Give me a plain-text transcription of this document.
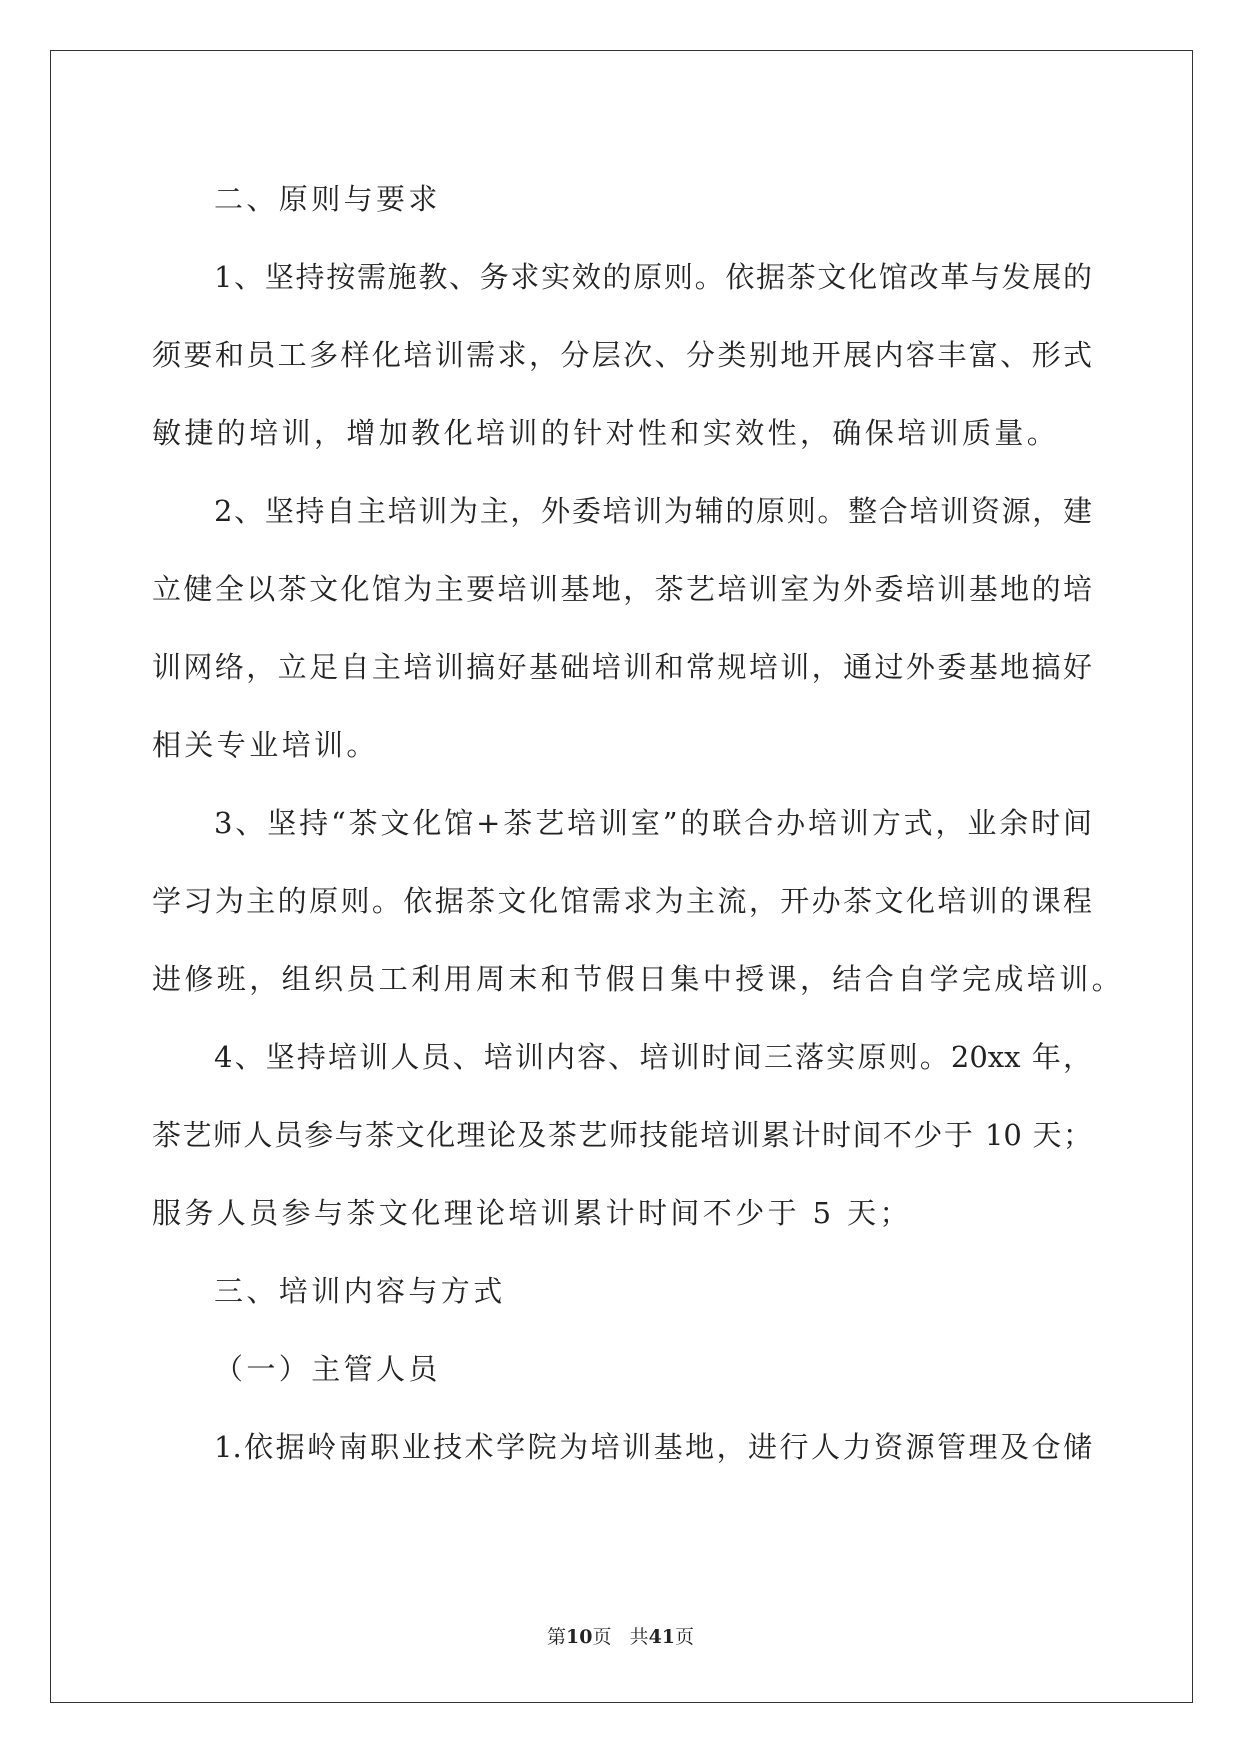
二、原则与要求
1、坚持按需施教、务求实效的原则。依据茶文化馆改革与发展的
须要和员工多样化培训需求，分层次、分类别地开展内容丰富、形式
敏捷的培训，增加教化培训的针对性和实效性，确保培训质量。
2、坚持自主培训为主，外委培训为辅的原则。整合培训资源，建
立健全以茶文化馆为主要培训基地，茶艺培训室为外委培训基地的培
训网络，立足自主培训搞好基础培训和常规培训，通过外委基地搞好
相关专业培训。
3、坚持“茶文化馆+茶艺培训室”的联合办培训方式，业余时间
学习为主的原则。依据茶文化馆需求为主流，开办茶文化培训的课程
进修班，组织员工利用周末和节假日集中授课，结合自学完成培训。
4、坚持培训人员、培训内容、培训时间三落实原则。20xx 年，
茶艺师人员参与茶文化理论及茶艺师技能培训累计时间不少于 10 天；
服务人员参与茶文化理论培训累计时间不少于 5 天；
三、培训内容与方式
（一）主管人员
1.依据岭南职业技术学院为培训基地，进行人力资源管理及仓储
第10页   共41页
